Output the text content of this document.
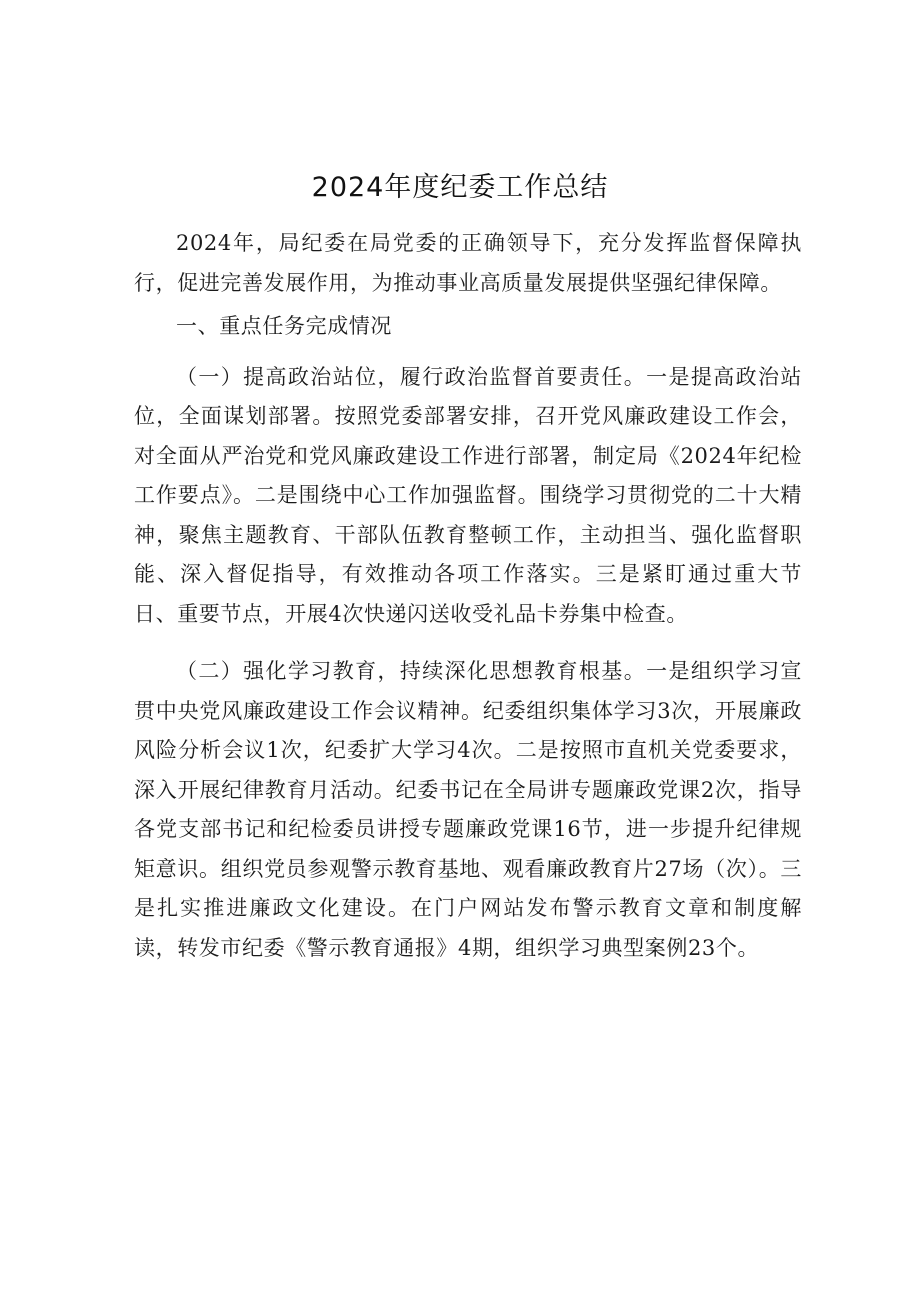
2024年度纪委工作总结

2024年，局纪委在局党委的正确领导下，充分发挥监督保障执行，促进完善发展作用，为推动事业高质量发展提供坚强纪律保障。

一、重点任务完成情况

（一）提高政治站位，履行政治监督首要责任。一是提高政治站位，全面谋划部署。按照党委部署安排，召开党风廉政建设工作会，对全面从严治党和党风廉政建设工作进行部署，制定局《2024年纪检工作要点》。二是围绕中心工作加强监督。围绕学习贯彻党的二十大精神，聚焦主题教育、干部队伍教育整顿工作，主动担当、强化监督职能、深入督促指导，有效推动各项工作落实。三是紧盯通过重大节日、重要节点，开展4次快递闪送收受礼品卡券集中检查。

（二）强化学习教育，持续深化思想教育根基。一是组织学习宣贯中央党风廉政建设工作会议精神。纪委组织集体学习3次，开展廉政风险分析会议1次，纪委扩大学习4次。二是按照市直机关党委要求，深入开展纪律教育月活动。纪委书记在全局讲专题廉政党课2次，指导各党支部书记和纪检委员讲授专题廉政党课16节，进一步提升纪律规矩意识。组织党员参观警示教育基地、观看廉政教育片27场（次）。三是扎实推进廉政文化建设。在门户网站发布警示教育文章和制度解读，转发市纪委《警示教育通报》4期，组织学习典型案例23个。
